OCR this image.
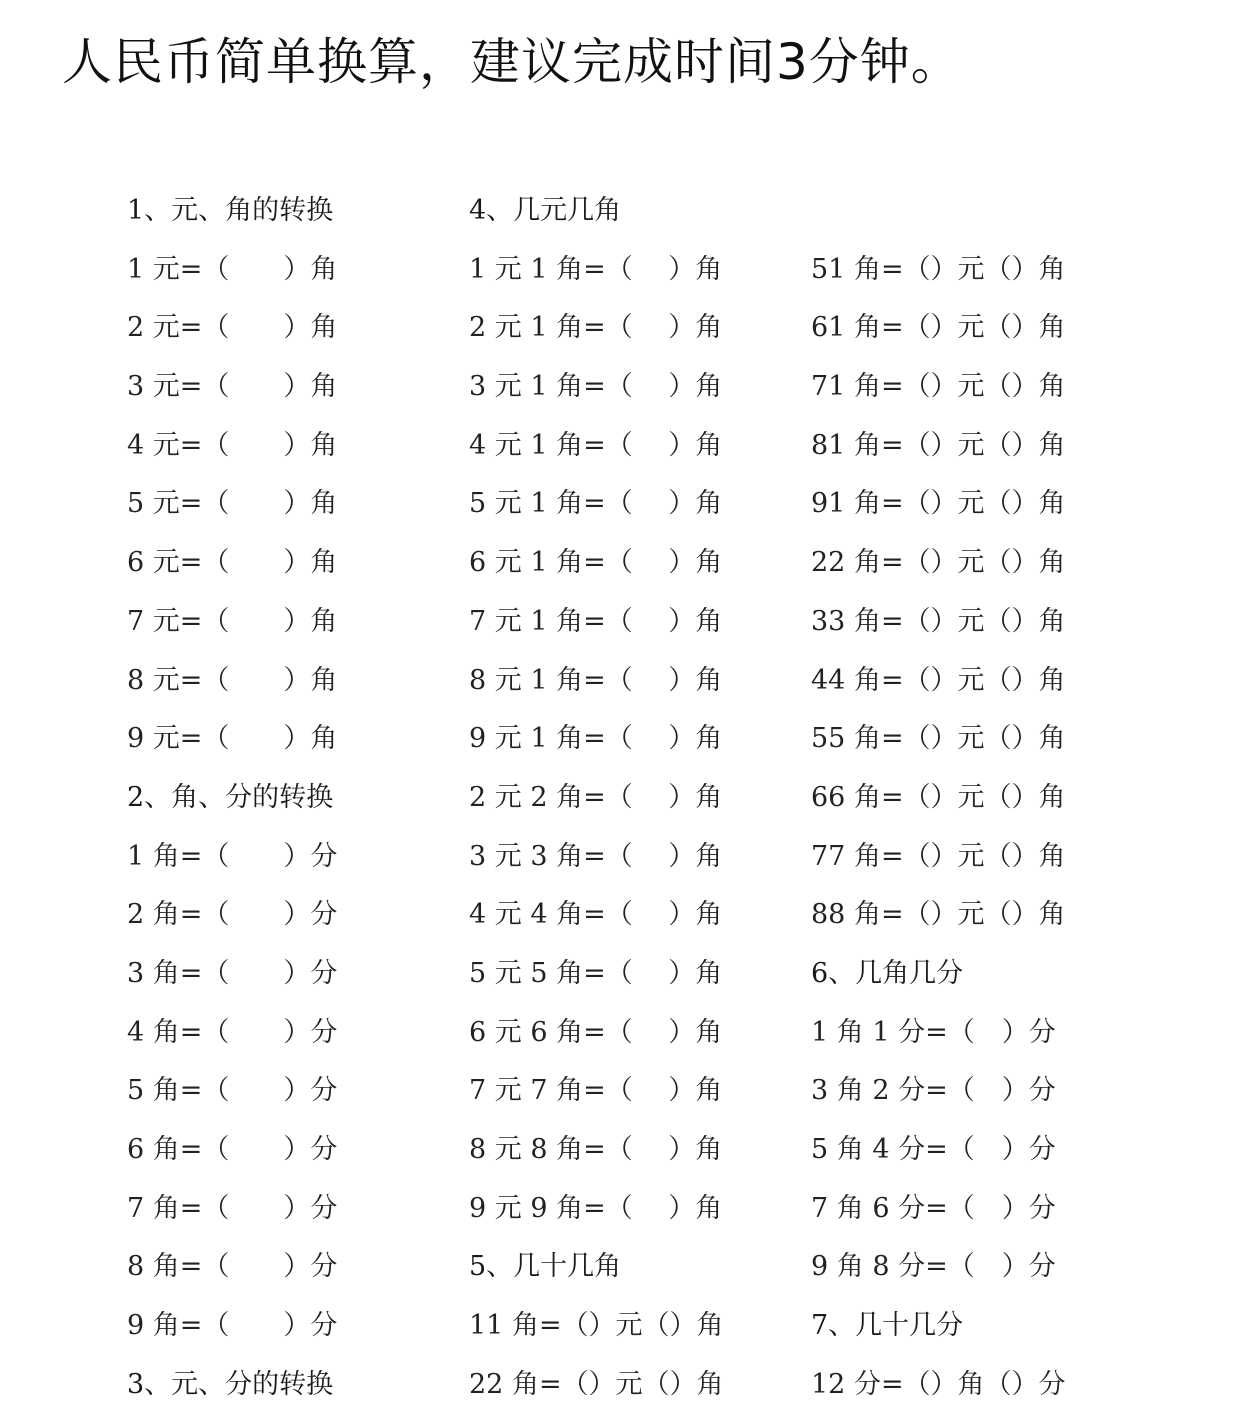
人民币简单换算，建议完成时间3分钟。
1、元、角的转换
1 元=（　　）角
2 元=（　　）角
3 元=（　　）角
4 元=（　　）角
5 元=（　　）角
6 元=（　　）角
7 元=（　　）角
8 元=（　　）角
9 元=（　　）角
2、角、分的转换
1 角=（　　）分
2 角=（　　）分
3 角=（　　）分
4 角=（　　）分
5 角=（　　）分
6 角=（　　）分
7 角=（　　）分
8 角=（　　）分
9 角=（　　）分
3、元、分的转换
4、几元几角
1 元 1 角=（　 ）角
2 元 1 角=（　 ）角
3 元 1 角=（　 ）角
4 元 1 角=（　 ）角
5 元 1 角=（　 ）角
6 元 1 角=（　 ）角
7 元 1 角=（　 ）角
8 元 1 角=（　 ）角
9 元 1 角=（　 ）角
2 元 2 角=（　 ）角
3 元 3 角=（　 ）角
4 元 4 角=（　 ）角
5 元 5 角=（　 ）角
6 元 6 角=（　 ）角
7 元 7 角=（　 ）角
8 元 8 角=（　 ）角
9 元 9 角=（　 ）角
5、几十几角
11 角=（）元（）角
22 角=（）元（）角
51 角=（）元（）角
61 角=（）元（）角
71 角=（）元（）角
81 角=（）元（）角
91 角=（）元（）角
22 角=（）元（）角
33 角=（）元（）角
44 角=（）元（）角
55 角=（）元（）角
66 角=（）元（）角
77 角=（）元（）角
88 角=（）元（）角
6、几角几分
1 角 1 分=（　）分
3 角 2 分=（　）分
5 角 4 分=（　）分
7 角 6 分=（　）分
9 角 8 分=（　）分
7、几十几分
12 分=（）角（）分
